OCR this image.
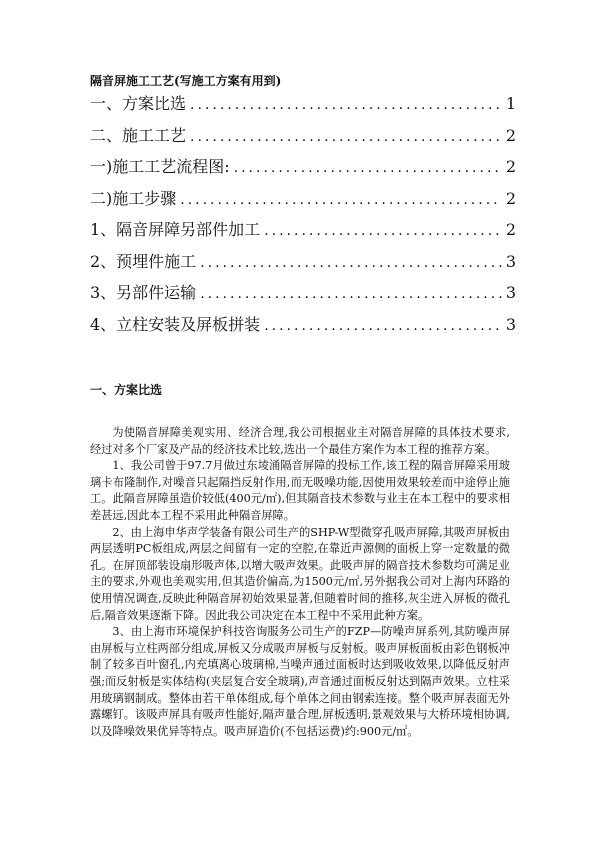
隔音屏施工工艺(写施工方案有用到)
一、方案比选 .....	1
二、施工工艺 .....	2
一)施工工艺流程图: .....	2
二)施工步骤 .....	2
1、隔音屏障另部件加工 .....	2
2、预埋件施工 .....	3
3、另部件运输 .....	3
4、立柱安装及屏板拼装 .....	3
一、方案比选

为使隔音屏障美观实用、经济合理,我公司根据业主对隔音屏障的具体技术要求,经过对多个厂家及产品的经济技术比较,选出一个最佳方案作为本工程的推荐方案。

1、我公司曾于97.7月做过东堎涌隔音屏障的投标工作,该工程的隔音屏障采用玻璃卡布隆制作,对噪音只起隔挡反射作用,而无吸噪功能,因使用效果较差而中途停止施工。此隔音屏障虽造价较低(400元/㎡),但其隔音技术参数与业主在本工程中的要求相差甚远,因此本工程不采用此种隔音屏障。

2、由上海申华声学装备有限公司生产的SHP-W型微穿孔吸声屏障,其吸声屏板由两层透明PC板组成,两层之间留有一定的空腔,在靠近声源侧的面板上穿一定数量的微孔。在屏顶部装设扇形吸声体,以增大吸声效果。此吸声屏的隔音技术参数均可满足业主的要求,外观也美观实用,但其造价偏高,为1500元/㎡,另外据我公司对上海内环路的使用情况调查,反映此种隔音屏初始效果显著,但随着时间的推移,灰尘进入屏板的微孔后,隔音效果逐渐下降。因此我公司决定在本工程中不采用此种方案。

3、由上海市环境保护科技咨询服务公司生产的FZP—防噪声屏系列,其防噪声屏由屏板与立柱两部分组成,屏板又分成吸声屏板与反射板。吸声屏板面板由彩色钢板冲制了较多百叶窗孔,内充填离心玻璃棉,当噪声通过面板时达到吸收效果,以降低反射声强;而反射板是实体结构(夹层复合安全玻璃),声音通过面板反射达到隔声效果。立柱采用玻璃钢制成。整体由若干单体组成,每个单体之间由钢索连接。整个吸声屏表面无外露螺钉。该吸声屏具有吸声性能好,隔声量合理,屏板透明,景观效果与大桥环境相协调,以及降噪效果优异等特点。吸声屏造价(不包括运费)约:900元/㎡。
